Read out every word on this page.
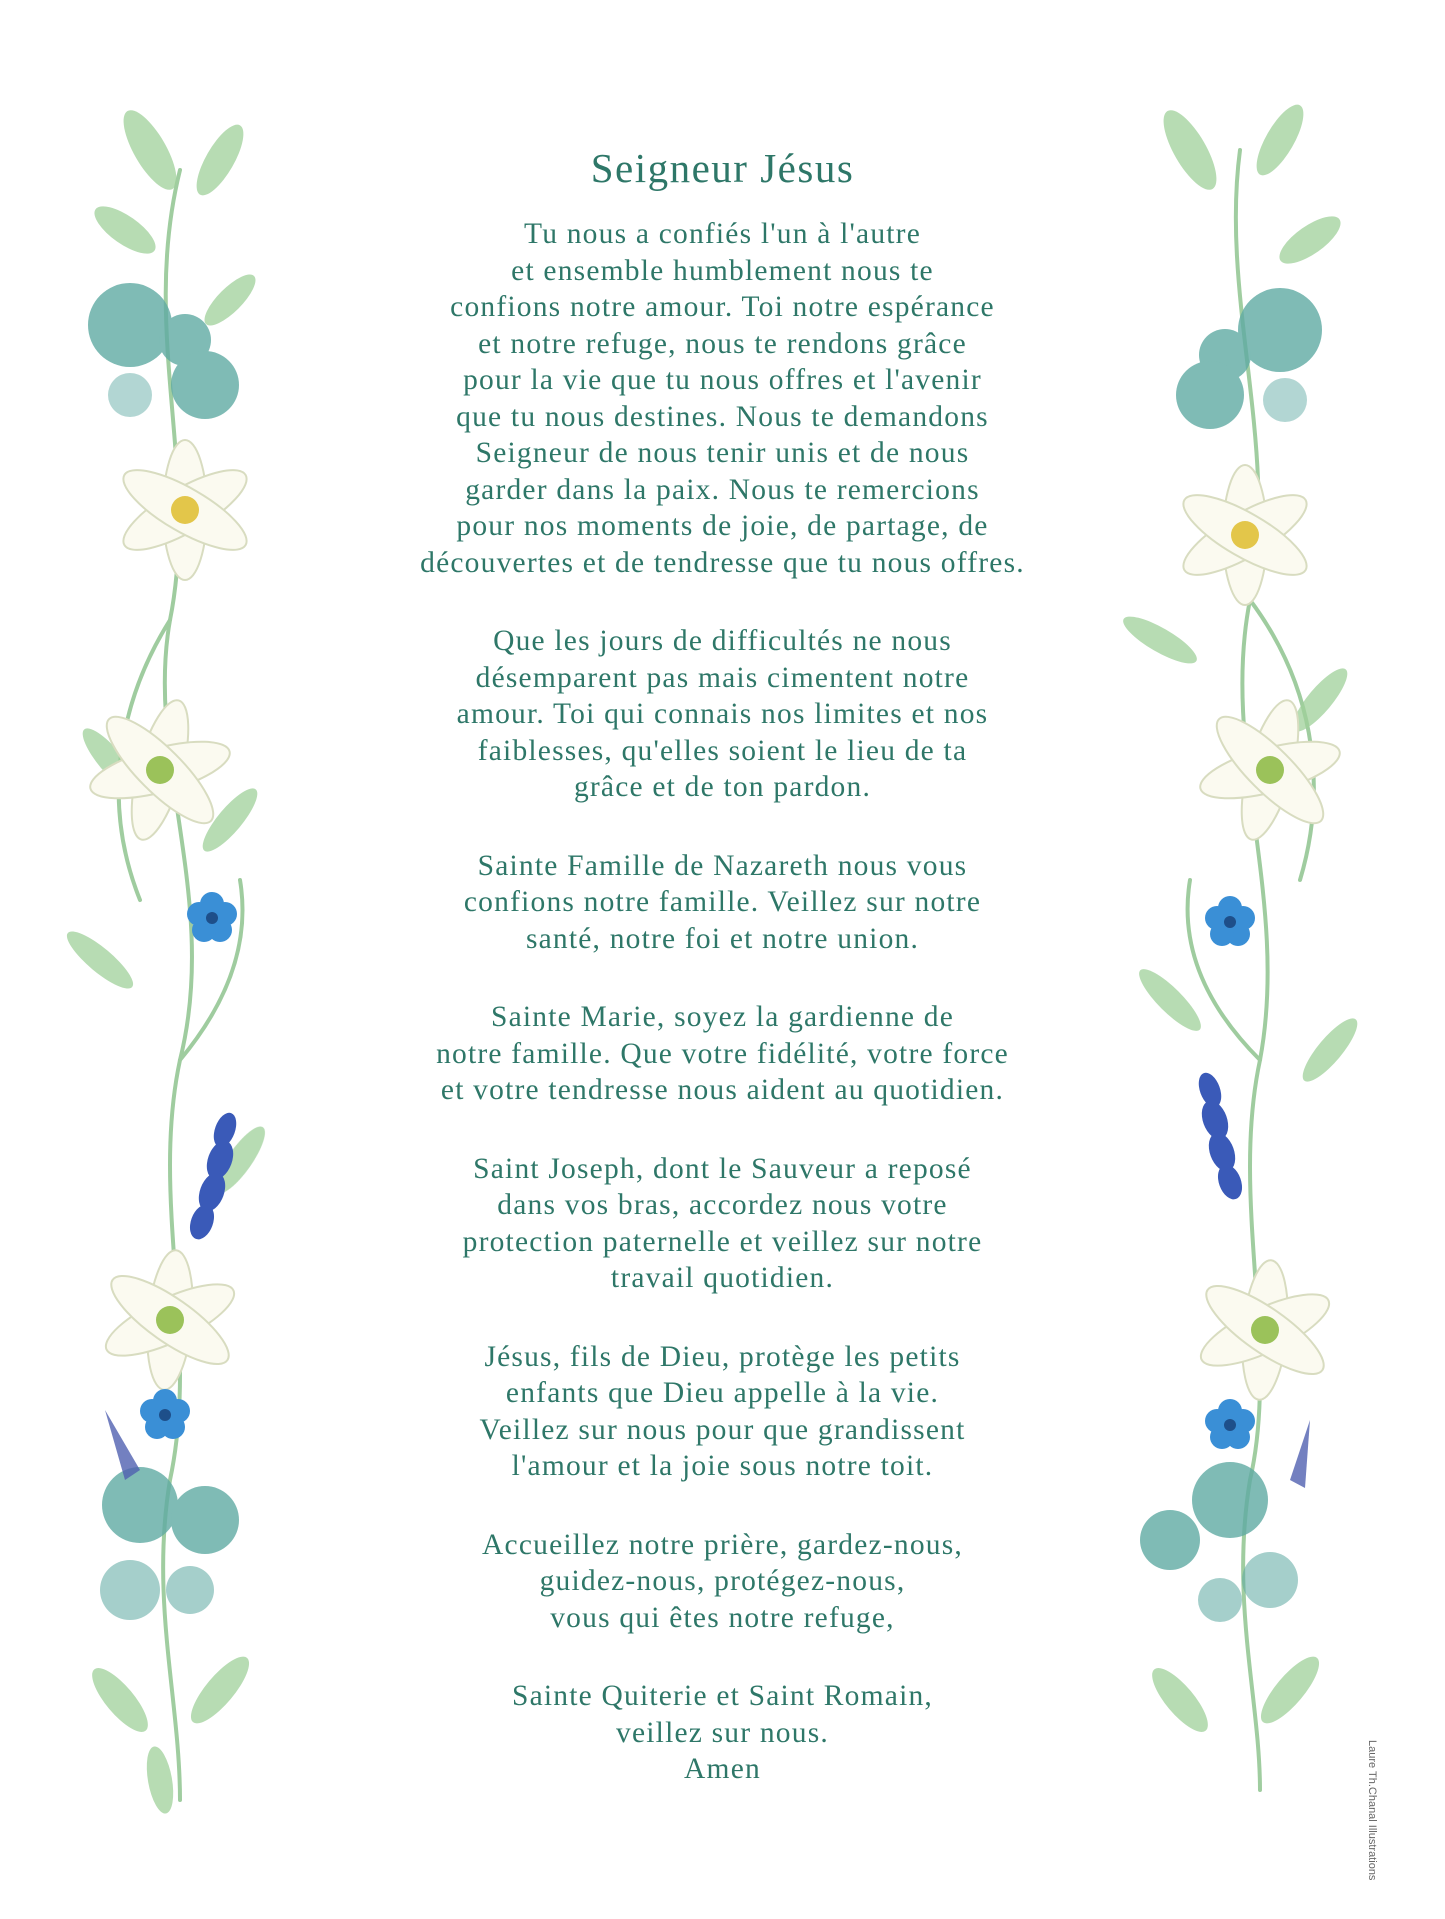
Seigneur Jésus
Tu nous a confiés l'un à l'autre
et ensemble humblement nous te
confions notre amour. Toi notre espérance
et notre refuge, nous te rendons grâce
pour la vie que tu nous offres et l'avenir
que tu nous destines. Nous te demandons
Seigneur de nous tenir unis et de nous
garder dans la paix. Nous te remercions
pour nos moments de joie, de partage, de
découvertes et de tendresse que tu nous offres.
Que les jours de difficultés ne nous
désemparent pas mais cimentent notre
amour. Toi qui connais nos limites et nos
faiblesses, qu'elles soient le lieu de ta
grâce et de ton pardon.
Sainte Famille de Nazareth nous vous
confions notre famille. Veillez sur notre
santé, notre foi et notre union.
Sainte Marie, soyez la gardienne de
notre famille. Que votre fidélité, votre force
et votre tendresse nous aident au quotidien.
Saint Joseph, dont le Sauveur a reposé
dans vos bras, accordez nous votre
protection paternelle et veillez sur notre
travail quotidien.
Jésus, fils de Dieu, protège les petits
enfants que Dieu appelle à la vie.
Veillez sur nous pour que grandissent
l'amour et la joie sous notre toit.
Accueillez notre prière, gardez-nous,
guidez-nous, protégez-nous,
vous qui êtes notre refuge,
Sainte Quiterie et Saint Romain,
veillez sur nous.
Amen	Laure Th.Chanal Illustrations
